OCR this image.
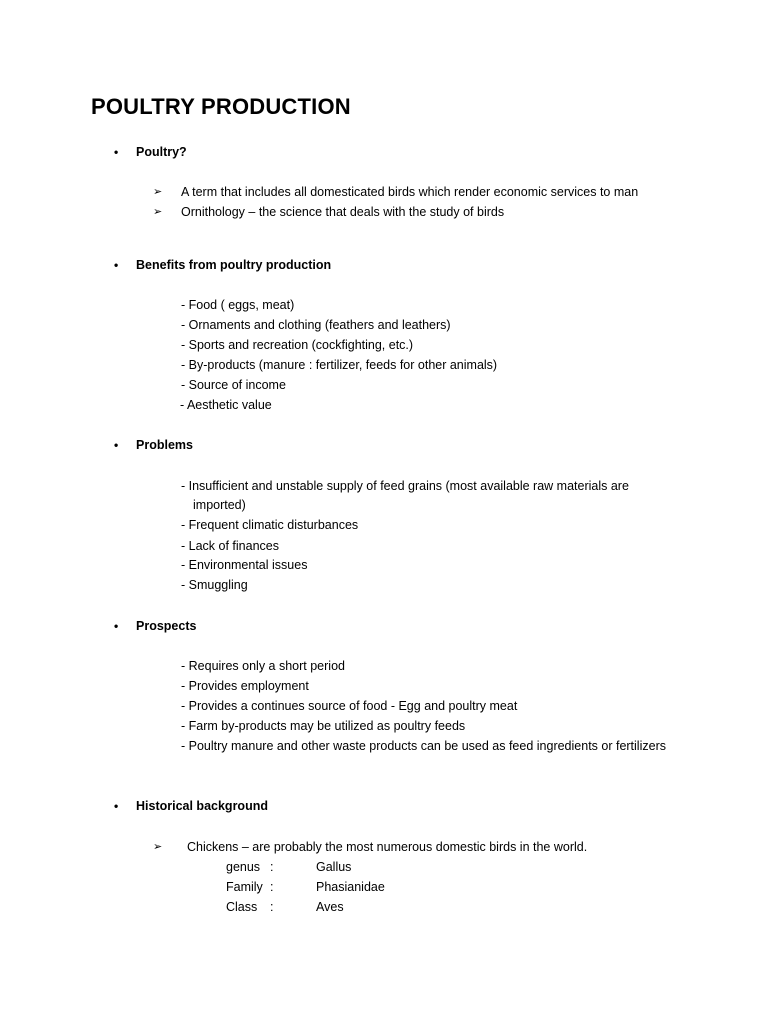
POULTRY PRODUCTION
• Poultry?
➢ A term that includes all domesticated birds which render economic services to man
➢ Ornithology – the science that deals with the study of birds
• Benefits from poultry production
- Food ( eggs, meat)
- Ornaments and clothing (feathers and leathers)
- Sports and recreation (cockfighting, etc.)
- By-products (manure : fertilizer, feeds for other animals)
- Source of income
- Aesthetic value
• Problems
- Insufficient and unstable supply of feed grains (most available raw materials are
imported)
- Frequent climatic disturbances
- Lack of finances
- Environmental issues
- Smuggling
• Prospects
- Requires only a short period
- Provides employment
- Provides a continues source of food - Egg and poultry meat
- Farm by-products may be utilized as poultry feeds
- Poultry manure and other waste products can be used as feed ingredients or fertilizers
• Historical background
➢ Chickens – are probably the most numerous domestic birds in the world.
genus :	Gallus
Family :	Phasianidae
Class :	Aves
